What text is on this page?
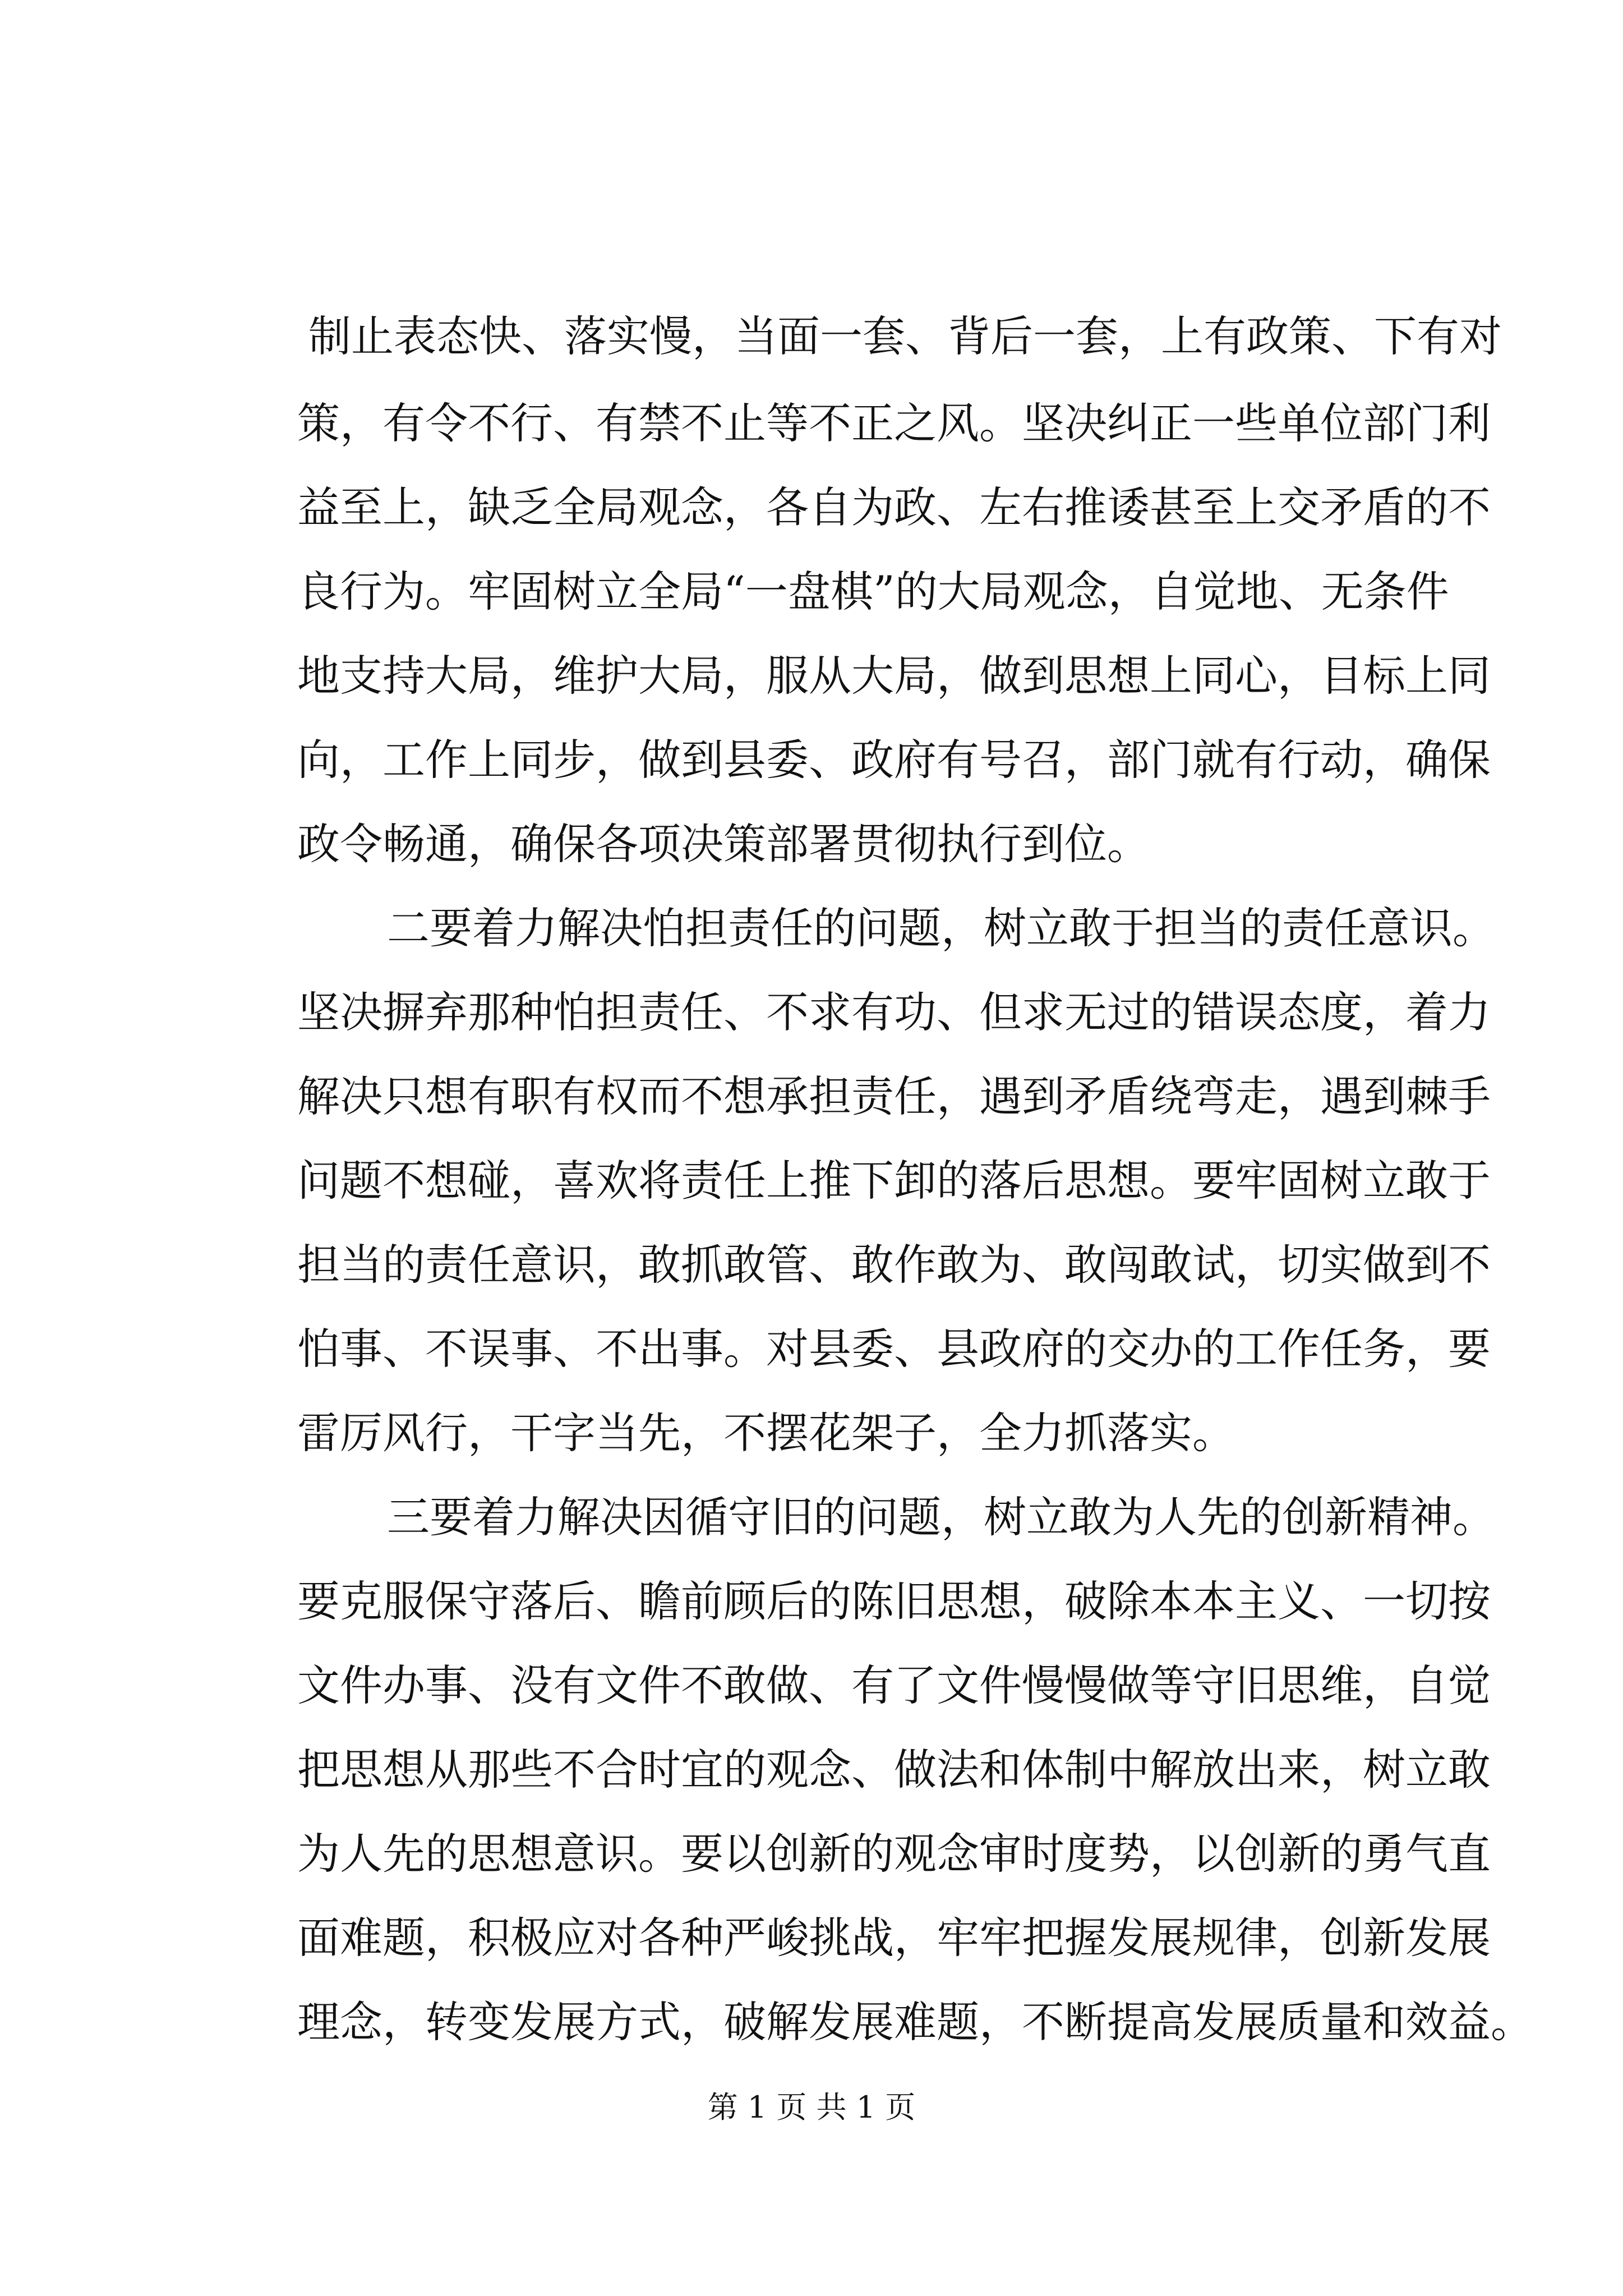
制止表态快、落实慢，当面一套、背后一套，上有政策、下有对
策，有令不行、有禁不止等不正之风。坚决纠正一些单位部门利
益至上，缺乏全局观念，各自为政、左右推诿甚至上交矛盾的不
良行为。牢固树立全局“一盘棋”的大局观念，自觉地、无条件
地支持大局，维护大局，服从大局，做到思想上同心，目标上同
向，工作上同步，做到县委、政府有号召，部门就有行动，确保
政令畅通，确保各项决策部署贯彻执行到位。
二要着力解决怕担责任的问题，树立敢于担当的责任意识。
坚决摒弃那种怕担责任、不求有功、但求无过的错误态度，着力
解决只想有职有权而不想承担责任，遇到矛盾绕弯走，遇到棘手
问题不想碰，喜欢将责任上推下卸的落后思想。要牢固树立敢于
担当的责任意识，敢抓敢管、敢作敢为、敢闯敢试，切实做到不
怕事、不误事、不出事。对县委、县政府的交办的工作任务，要
雷厉风行，干字当先，不摆花架子，全力抓落实。
三要着力解决因循守旧的问题，树立敢为人先的创新精神。
要克服保守落后、瞻前顾后的陈旧思想，破除本本主义、一切按
文件办事、没有文件不敢做、有了文件慢慢做等守旧思维，自觉
把思想从那些不合时宜的观念、做法和体制中解放出来，树立敢
为人先的思想意识。要以创新的观念审时度势，以创新的勇气直
面难题，积极应对各种严峻挑战，牢牢把握发展规律，创新发展
理念，转变发展方式，破解发展难题，不断提高发展质量和效益。
第 1 页 共 1 页
